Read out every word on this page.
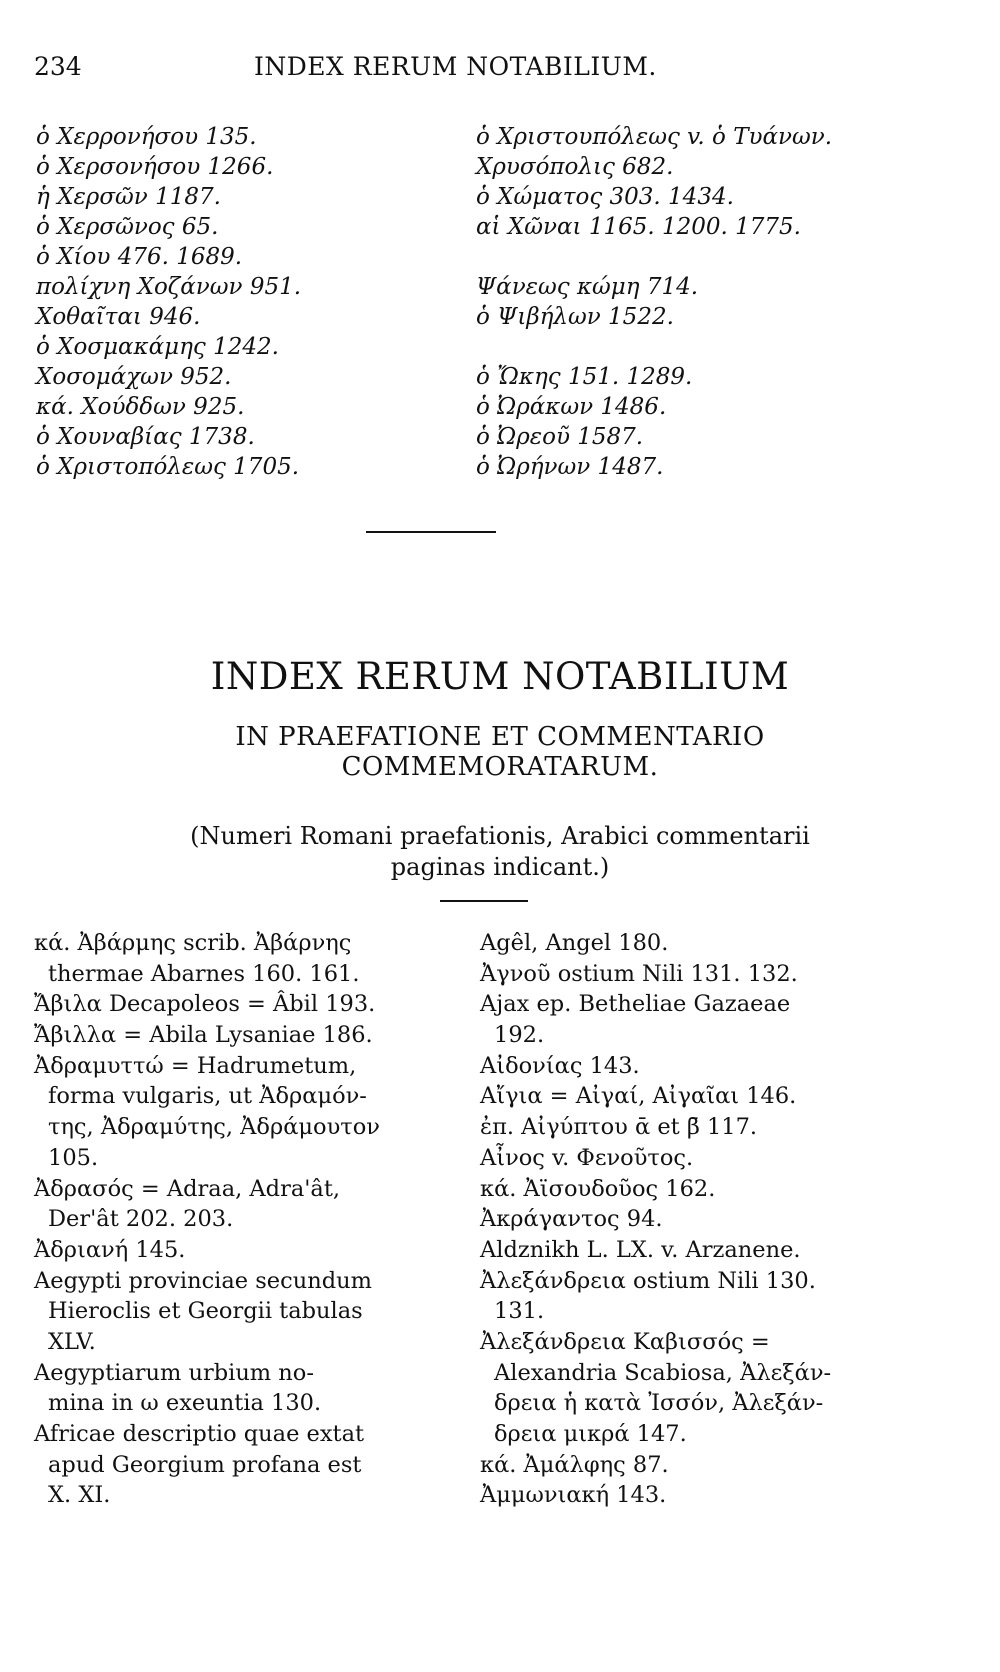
234	INDEX RERUM NOTABILIUM.
ὁ Χερρονήσου 135.
ὁ Χερσονήσου 1266.
ἡ Χερσῶν 1187.
ὁ Χερσῶνος 65.
ὁ Χίου 476. 1689.
πολίχνη Χοζάνων 951.
Χοθαῖται 946.
ὁ Χοσμακάμης 1242.
Χοσομάχων 952.
κά. Χούδδων 925.
ὁ Χουναβίας 1738.
ὁ Χριστοπόλεως 1705.
ὁ Χριστουπόλεως v. ὁ Τυάνων.
Χρυσόπολις 682.
ὁ Χώματος 303. 1434.
αἱ Χῶναι 1165. 1200. 1775.
Ψάνεως κώμη 714.
ὁ Ψιβήλων 1522.
ὁ Ὤκης 151. 1289.
ὁ Ὠράκων 1486.
ὁ Ὠρεοῦ 1587.
ὁ Ὠρήνων 1487.
INDEX RERUM NOTABILIUM
IN PRAEFATIONE ET COMMENTARIO
COMMEMORATARUM.
(Numeri Romani praefationis, Arabici commentarii
paginas indicant.)
κά. Ἀβάρμης scrib. Ἀβάρνης
thermae Abarnes 160. 161.
Ἄβιλα Decapoleos = Âbil 193.
Ἄβιλλα = Abila Lysaniae 186.
Ἀδραμυττώ = Hadrumetum,
forma vulgaris, ut Ἀδραμόν-
της, Ἀδραμύτης, Ἀδράμουτον
105.
Ἀδρασός = Adraa, Adra'ât,
Der'ât 202. 203.
Ἀδριανή 145.
Aegypti provinciae secundum
Hieroclis et Georgii tabulas
XLV.
Aegyptiarum urbium no-
mina in ω exeuntia 130.
Africae descriptio quae extat
apud Georgium profana est
X. XI.
Agêl, Angel 180.
Ἀγνοῦ ostium Nili 131. 132.
Ajax ep. Betheliae Gazaeae
192.
Αἰδονίας 143.
Αἴγια = Αἰγαί, Αἰγαῖαι 146.
ἐπ. Αἰγύπτου ᾱ et β̄ 117.
Αἶνος v. Φενοῦτος.
κά. Ἀϊσουδοῦος 162.
Ἀκράγαντος 94.
Aldznikh L. LX. v. Arzanene.
Ἀλεξάνδρεια ostium Nili 130.
131.
Ἀλεξάνδρεια Καβισσός =
Alexandria Scabiosa, Ἀλεξάν-
δρεια ἡ κατὰ Ἰσσόν, Ἀλεξάν-
δρεια μικρά 147.
κά. Ἀμάλφης 87.
Ἀμμωνιακή 143.
